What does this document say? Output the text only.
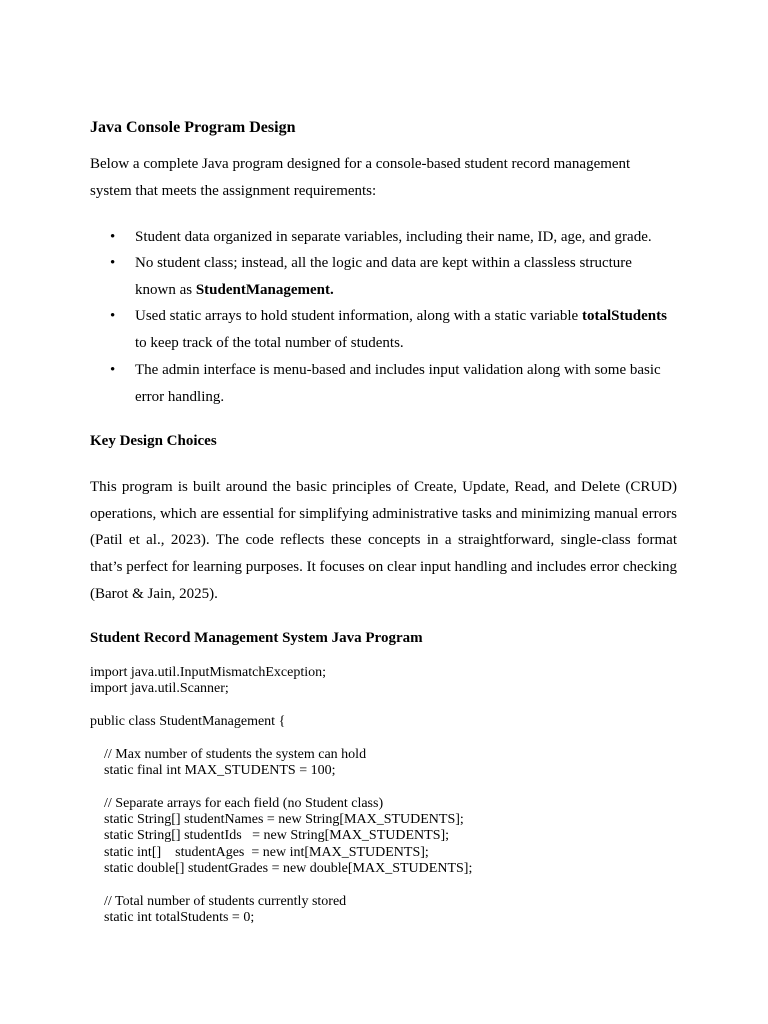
Java Console Program Design
Below a complete Java program designed for a console-based student record management
system that meets the assignment requirements:
• Student data organized in separate variables, including their name, ID, age, and grade.
• No student class; instead, all the logic and data are kept within a classless structure
known as StudentManagement.
• Used static arrays to hold student information, along with a static variable totalStudents
to keep track of the total number of students.
• The admin interface is menu-based and includes input validation along with some basic
error handling.
Key Design Choices
This program is built around the basic principles of Create, Update, Read, and Delete (CRUD) operations, which are essential for simplifying administrative tasks and minimizing manual errors (Patil et al., 2023). The code reflects these concepts in a straightforward, single-class format that’s perfect for learning purposes. It focuses on clear input handling and includes error checking (Barot & Jain, 2025).
Student Record Management System Java Program
import java.util.InputMismatchException;
import java.util.Scanner;
public class StudentManagement {
// Max number of students the system can hold
static final int MAX_STUDENTS = 100;
// Separate arrays for each field (no Student class)
static String[] studentNames = new String[MAX_STUDENTS];
static String[] studentIds   = new String[MAX_STUDENTS];
static int[]    studentAges  = new int[MAX_STUDENTS];
static double[] studentGrades = new double[MAX_STUDENTS];
// Total number of students currently stored
static int totalStudents = 0;
